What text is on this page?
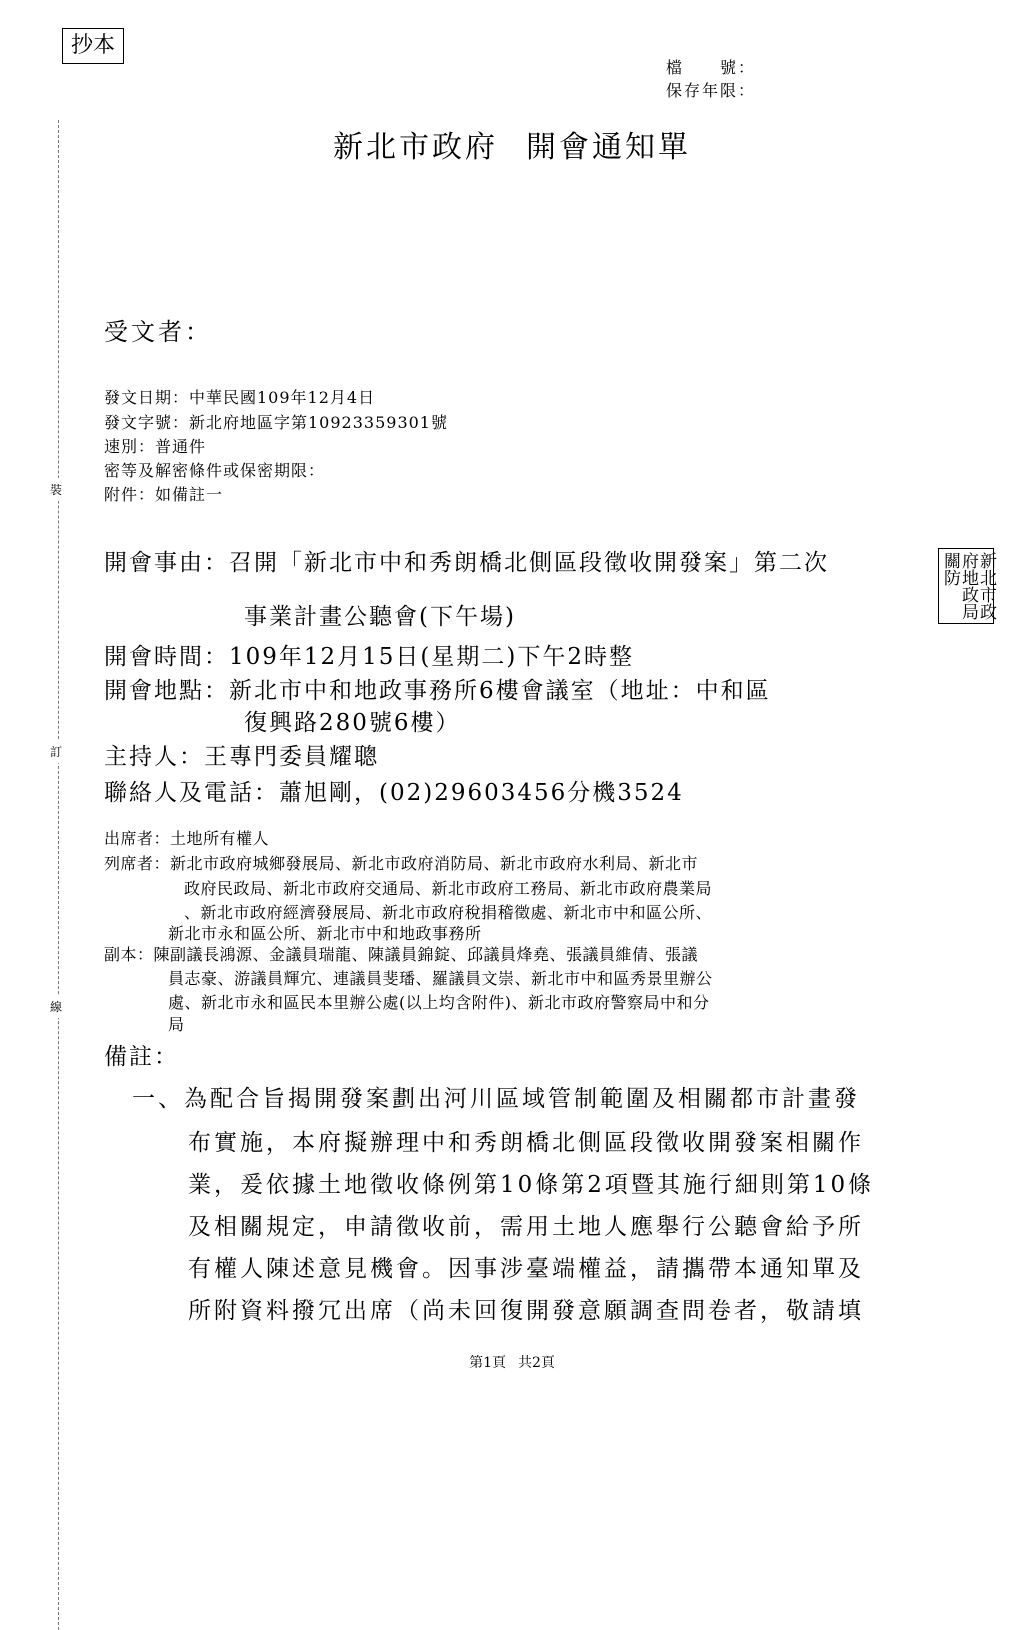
抄本
檔　　號：
保存年限：
裝
訂
線
新北市政府 開會通知單
受文者：
發文日期：中華民國109年12月4日
發文字號：新北府地區字第10923359301號
速別：普通件
密等及解密條件或保密期限：
附件：如備註一
開會事由：召開「新北市中和秀朗橋北側區段徵收開發案」第二次
事業計畫公聽會(下午場)
開會時間：109年12月15日(星期二)下午2時整
開會地點：新北市中和地政事務所6樓會議室（地址：中和區
復興路280號6樓）
主持人：王專門委員耀聰
聯絡人及電話：蕭旭剛，(02)29603456分機3524
新北市政府地政局關防
出席者：土地所有權人
列席者：新北市政府城鄉發展局、新北市政府消防局、新北市政府水利局、新北市
政府民政局、新北市政府交通局、新北市政府工務局、新北市政府農業局
、新北市政府經濟發展局、新北市政府稅捐稽徵處、新北市中和區公所、
新北市永和區公所、新北市中和地政事務所
副本：陳副議長鴻源、金議員瑞龍、陳議員錦錠、邱議員烽堯、張議員維倩、張議
員志豪、游議員輝宂、連議員斐璠、羅議員文崇、新北市中和區秀景里辦公
處、新北市永和區民本里辦公處(以上均含附件)、新北市政府警察局中和分
局
備註：
一、為配合旨揭開發案劃出河川區域管制範圍及相關都市計畫發
布實施，本府擬辦理中和秀朗橋北側區段徵收開發案相關作
業，爰依據土地徵收條例第10條第2項暨其施行細則第10條
及相關規定，申請徵收前，需用土地人應舉行公聽會給予所
有權人陳述意見機會。因事涉臺端權益，請攜帶本通知單及
所附資料撥冗出席（尚未回復開發意願調查問卷者，敬請填
第1頁 共2頁
